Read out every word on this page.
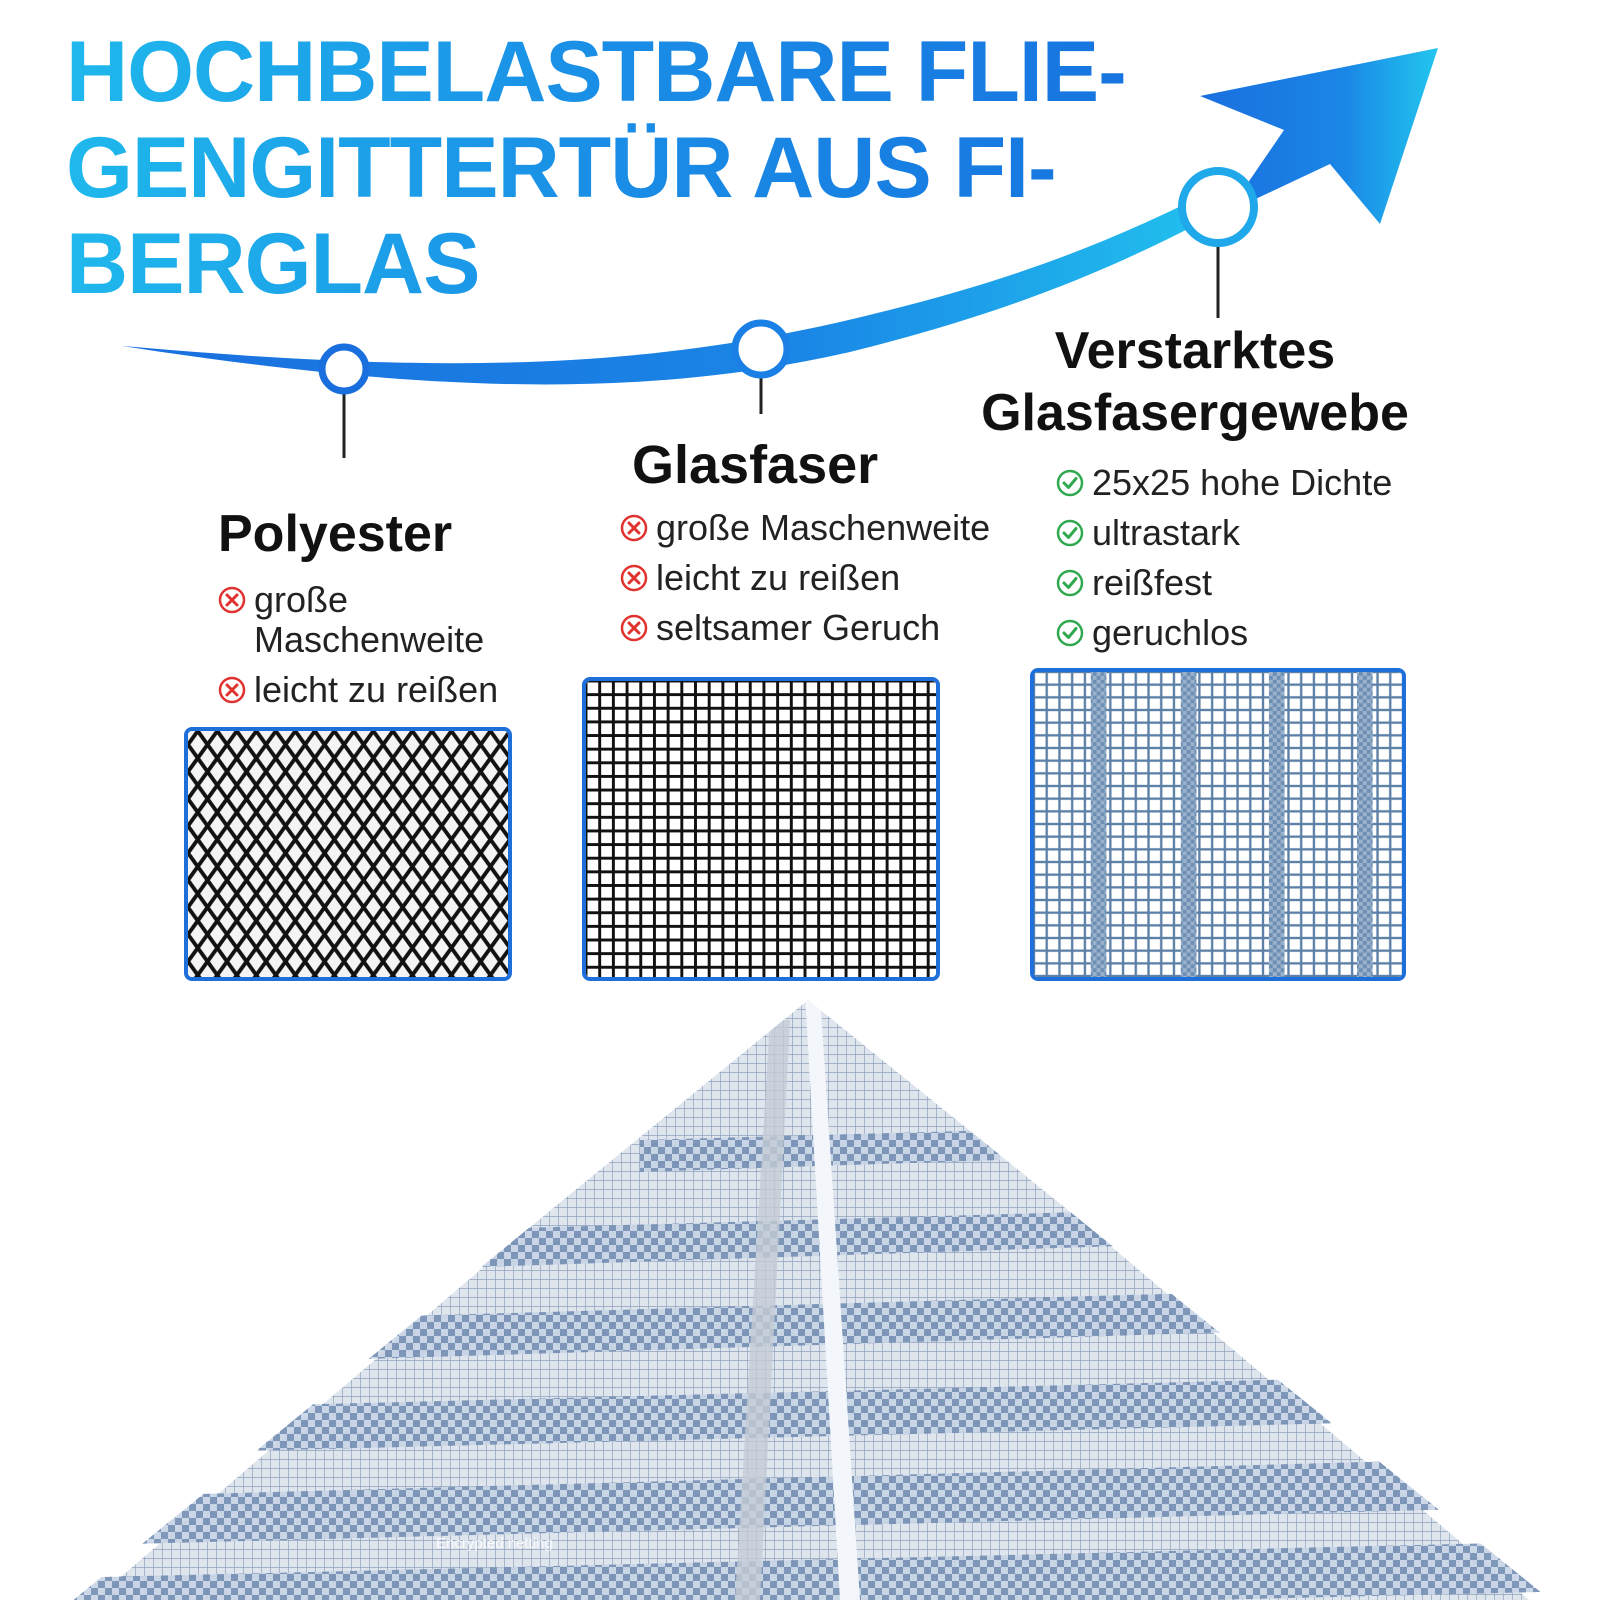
HOCHBELASTBARE FLIE-
GENGITTERTÜR AUS FI-
BERGLAS
Polyester
große
Maschenweite
leicht zu reißen
Glasfaser
große Maschenweite
leicht zu reißen
seltsamer Geruch
Verstarktes
Glasfasergewebe
25x25 hohe Dichte
ultrastark
reißfest
geruchlos
Encrypted netting
